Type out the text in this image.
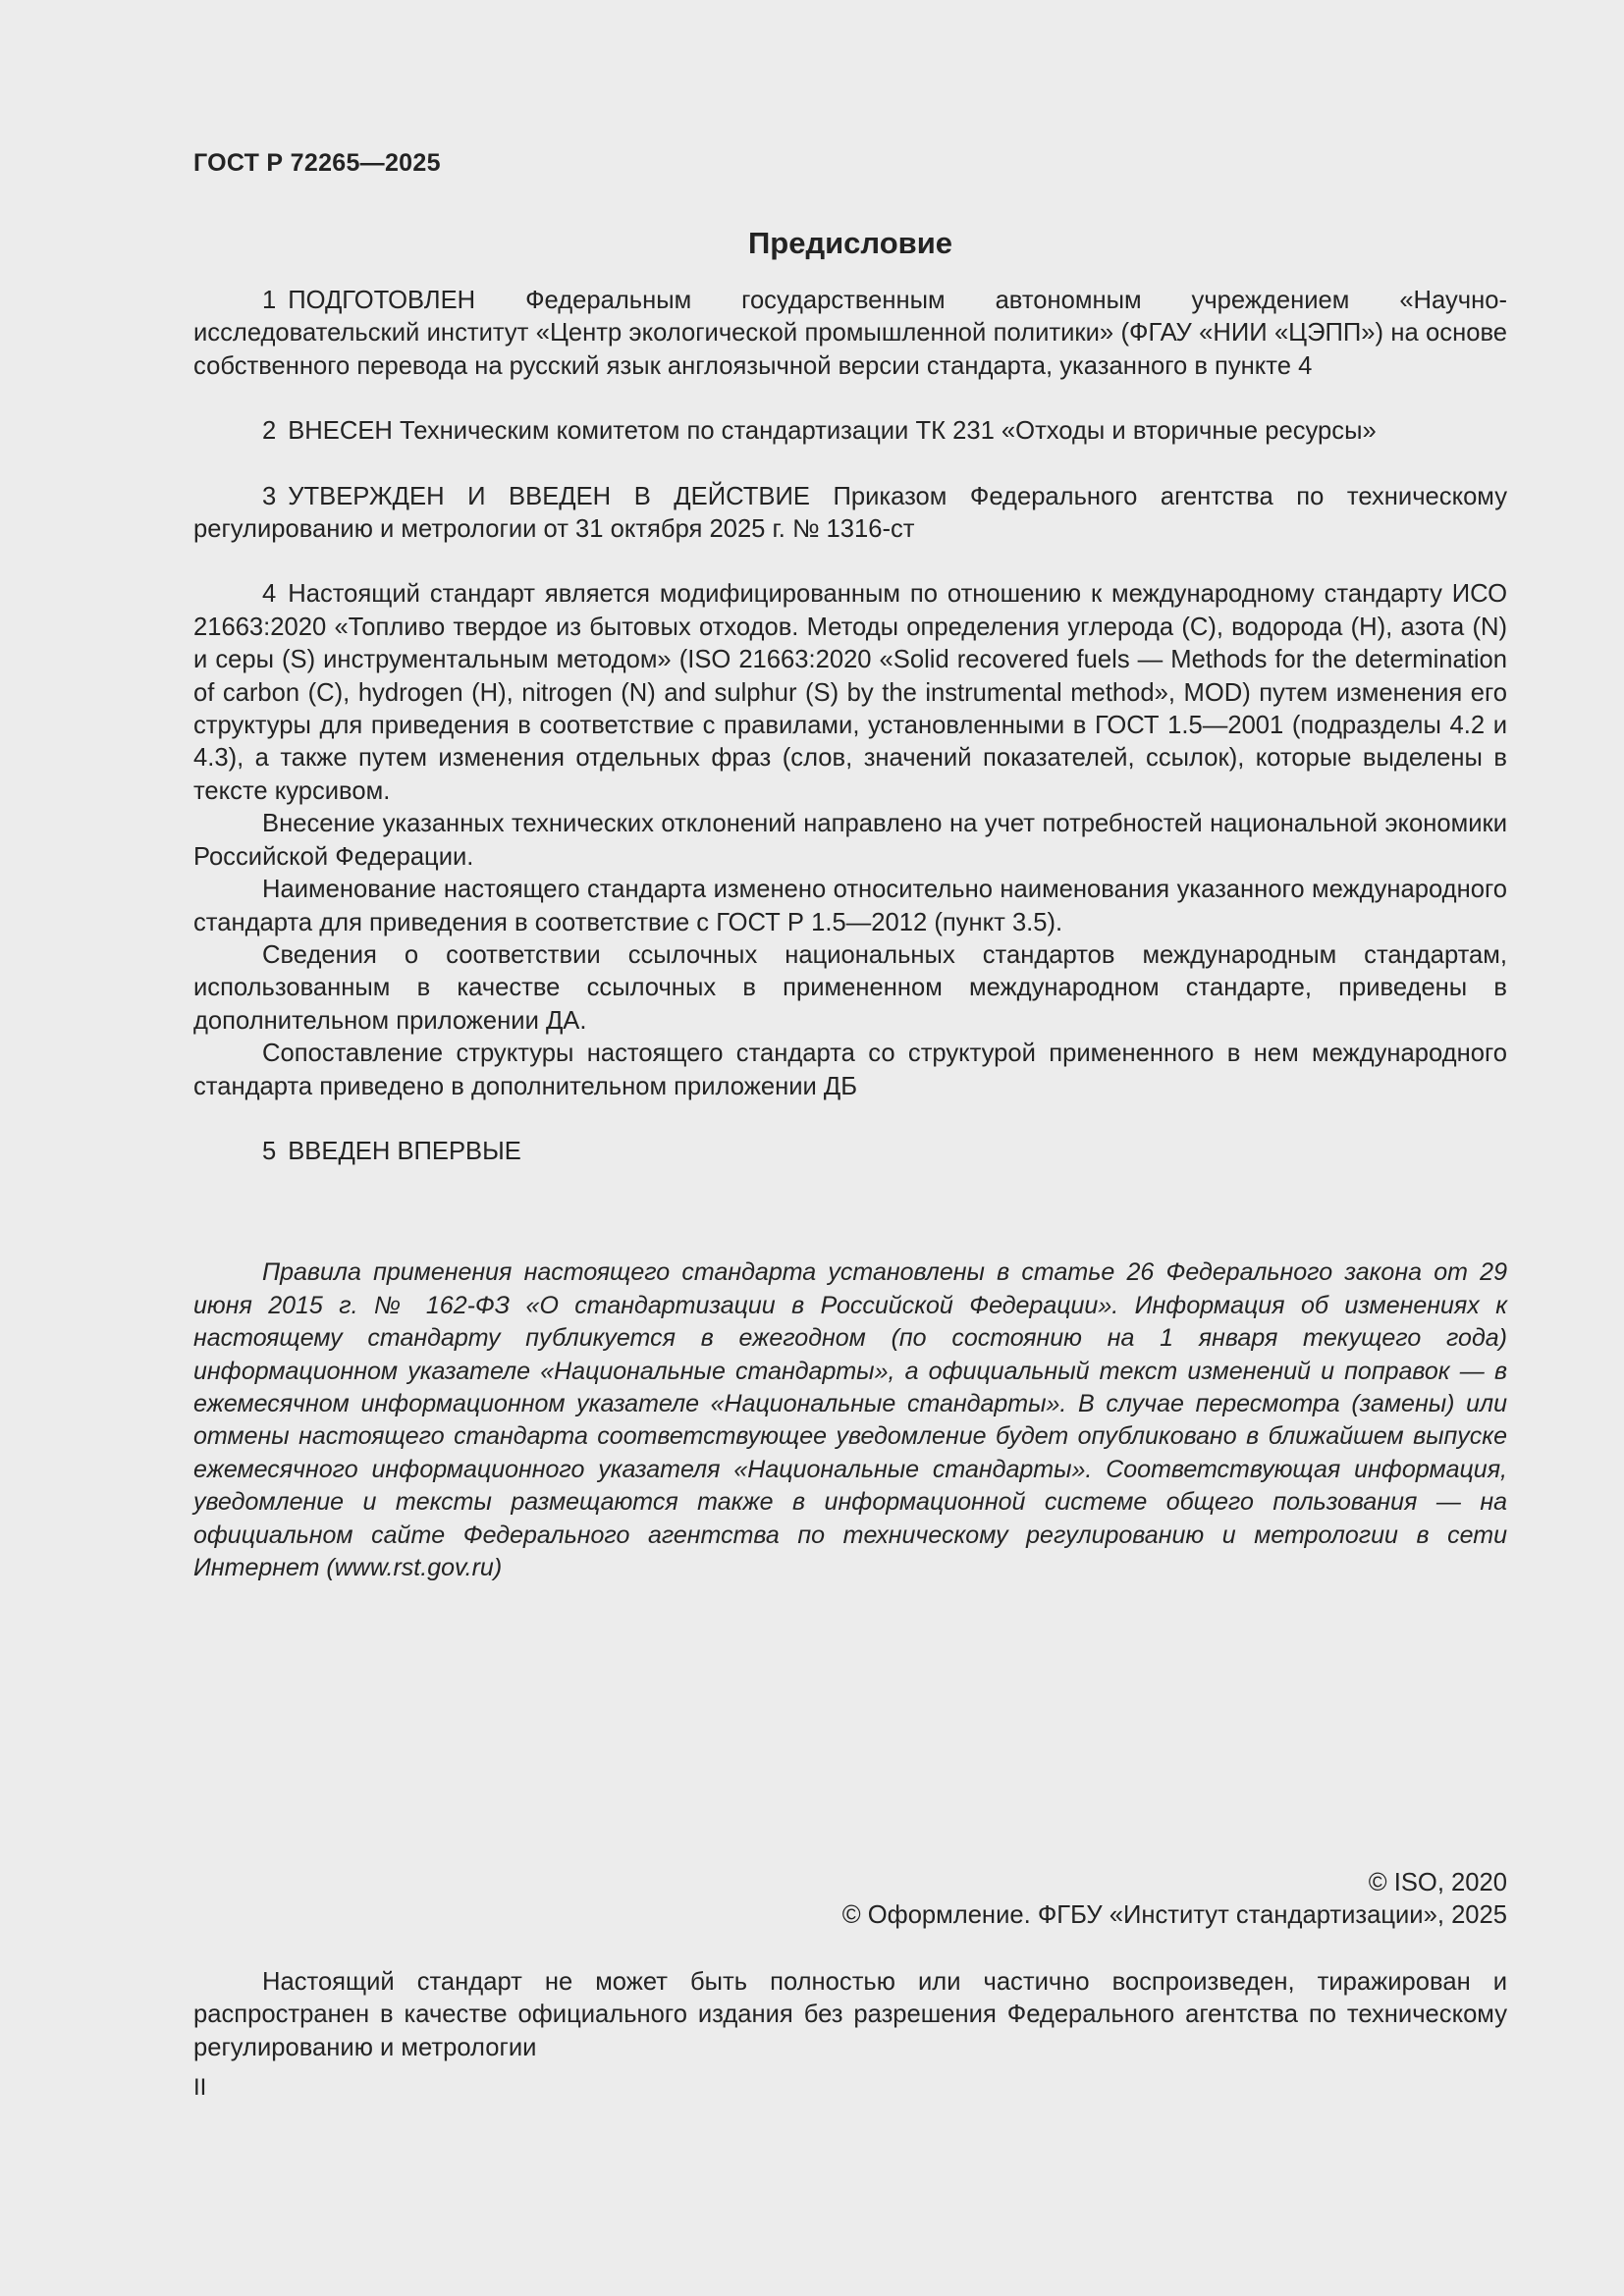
ГОСТ Р 72265—2025
Предисловие

1 ПОДГОТОВЛЕН Федеральным государственным автономным учреждением «Научно-исследовательский институт «Центр экологической промышленной политики» (ФГАУ «НИИ «ЦЭПП») на основе собственного перевода на русский язык англоязычной версии стандарта, указанного в пункте 4

2 ВНЕСЕН Техническим комитетом по стандартизации ТК 231 «Отходы и вторичные ресурсы»

3 УТВЕРЖДЕН И ВВЕДЕН В ДЕЙСТВИЕ Приказом Федерального агентства по техническому регулированию и метрологии от 31 октября 2025 г. № 1316-ст

4 Настоящий стандарт является модифицированным по отношению к международному стандарту ИСО 21663:2020 «Топливо твердое из бытовых отходов. Методы определения углерода (С), водорода (Н), азота (N) и серы (S) инструментальным методом» (ISO 21663:2020 «Solid recovered fuels — Methods for the determination of carbon (C), hydrogen (H), nitrogen (N) and sulphur (S) by the instrumental method», MOD) путем изменения его структуры для приведения в соответствие с правилами, установленными в ГОСТ 1.5—2001 (подразделы 4.2 и 4.3), а также путем изменения отдельных фраз (слов, значений показателей, ссылок), которые выделены в тексте курсивом.

Внесение указанных технических отклонений направлено на учет потребностей национальной экономики Российской Федерации.

Наименование настоящего стандарта изменено относительно наименования указанного международного стандарта для приведения в соответствие с ГОСТ Р 1.5—2012 (пункт 3.5).

Сведения о соответствии ссылочных национальных стандартов международным стандартам, использованным в качестве ссылочных в примененном международном стандарте, приведены в дополнительном приложении ДА.

Сопоставление структуры настоящего стандарта со структурой примененного в нем международного стандарта приведено в дополнительном приложении ДБ

5 ВВЕДЕН ВПЕРВЫЕ

Правила применения настоящего стандарта установлены в статье 26 Федерального закона от 29 июня 2015 г. № 162-ФЗ «О стандартизации в Российской Федерации». Информация об изменениях к настоящему стандарту публикуется в ежегодном (по состоянию на 1 января текущего года) информационном указателе «Национальные стандарты», а официальный текст изменений и поправок — в ежемесячном информационном указателе «Национальные стандарты». В случае пересмотра (замены) или отмены настоящего стандарта соответствующее уведомление будет опубликовано в ближайшем выпуске ежемесячного информационного указателя «Национальные стандарты». Соответствующая информация, уведомление и тексты размещаются также в информационной системе общего пользования — на официальном сайте Федерального агентства по техническому регулированию и метрологии в сети Интернет (www.rst.gov.ru)

© ISO, 2020
© Оформление. ФГБУ «Институт стандартизации», 2025

Настоящий стандарт не может быть полностью или частично воспроизведен, тиражирован и распространен в качестве официального издания без разрешения Федерального агентства по техническому регулированию и метрологии

II
